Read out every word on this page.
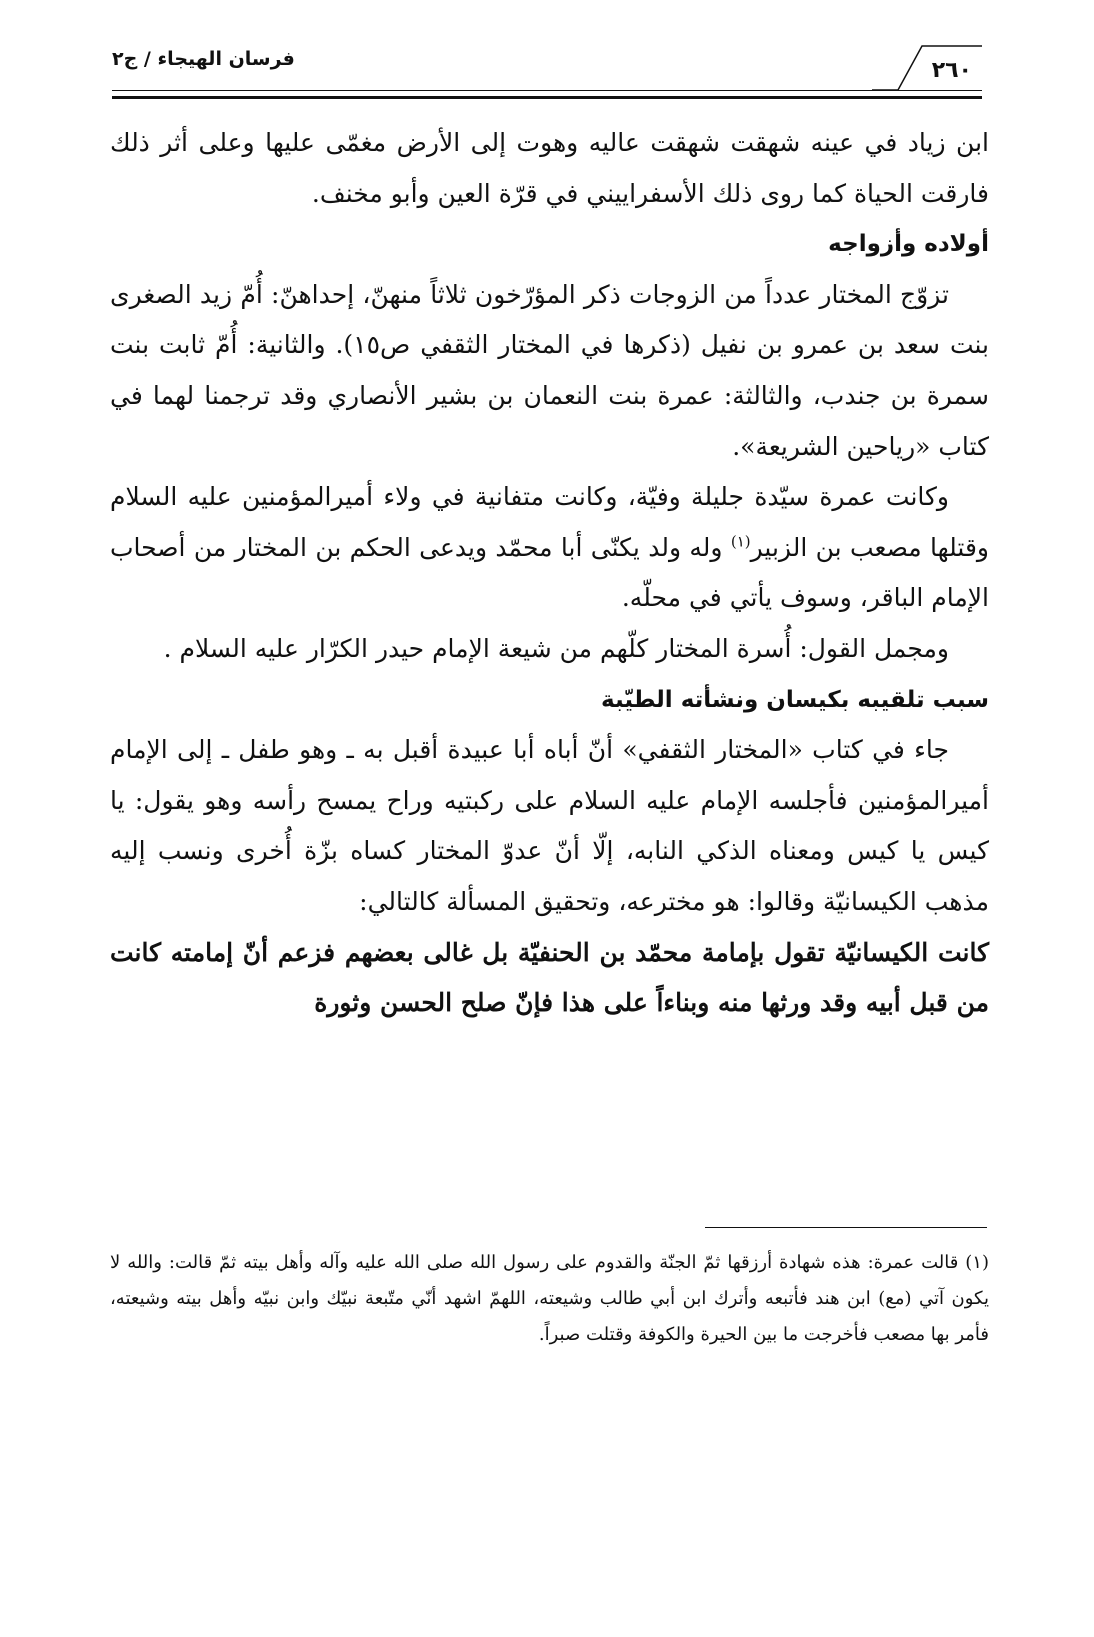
فرسان الهيجاء / ج٢	٢٦٠

ابن زياد في عينه شهقت شهقت عاليه وهوت إلى الأرض مغمّى عليها وعلى أثر ذلك فارقت الحياة كما روى ذلك الأسفراييني في قرّة العين وأبو مخنف.

أولاده وأزواجه

تزوّج المختار عدداً من الزوجات ذكر المؤرّخون ثلاثاً منهنّ، إحداهنّ: أُمّ زيد الصغرى بنت سعد بن عمرو بن نفيل (ذكرها في المختار الثقفي ص١٥). والثانية: أُمّ ثابت بنت سمرة بن جندب، والثالثة: عمرة بنت النعمان بن بشير الأنصاري وقد ترجمنا لهما في كتاب «رياحين الشريعة».

وكانت عمرة سيّدة جليلة وفيّة، وكانت متفانية في ولاء أميرالمؤمنين عليه السلام وقتلها مصعب بن الزبير$^{(١)}$ وله ولد يكنّى أبا محمّد ويدعى الحكم بن المختار من أصحاب الإمام الباقر، وسوف يأتي في محلّه.

ومجمل القول: أُسرة المختار كلّهم من شيعة الإمام حيدر الكرّار عليه السلام .

سبب تلقيبه بكيسان ونشأته الطيّبة

جاء في كتاب «المختار الثقفي» أنّ أباه أبا عبيدة أقبل به ـ وهو طفل ـ إلى الإمام أميرالمؤمنين فأجلسه الإمام عليه السلام على ركبتيه وراح يمسح رأسه وهو يقول: يا كيس يا كيس ومعناه الذكي النابه، إلّا أنّ عدوّ المختار كساه بزّة أُخرى ونسب إليه مذهب الكيسانيّة وقالوا: هو مخترعه، وتحقيق المسألة كالتالي:

كانت الكيسانيّة تقول بإمامة محمّد بن الحنفيّة بل غالى بعضهم فزعم أنّ إمامته كانت من قبل أبيه وقد ورثها منه وبناءاً على هذا فإنّ صلح الحسن وثورة

(١) قالت عمرة: هذه شهادة أرزقها ثمّ الجنّة والقدوم على رسول الله صلى الله عليه وآله وأهل بيته ثمّ قالت: والله لا يكون آتي (مع) ابن هند فأتبعه وأترك ابن أبي طالب وشيعته، اللهمّ اشهد أنّي متّبعة نبيّك وابن نبيّه وأهل بيته وشيعته، فأمر بها مصعب فأخرجت ما بين الحيرة والكوفة وقتلت صبراً.
